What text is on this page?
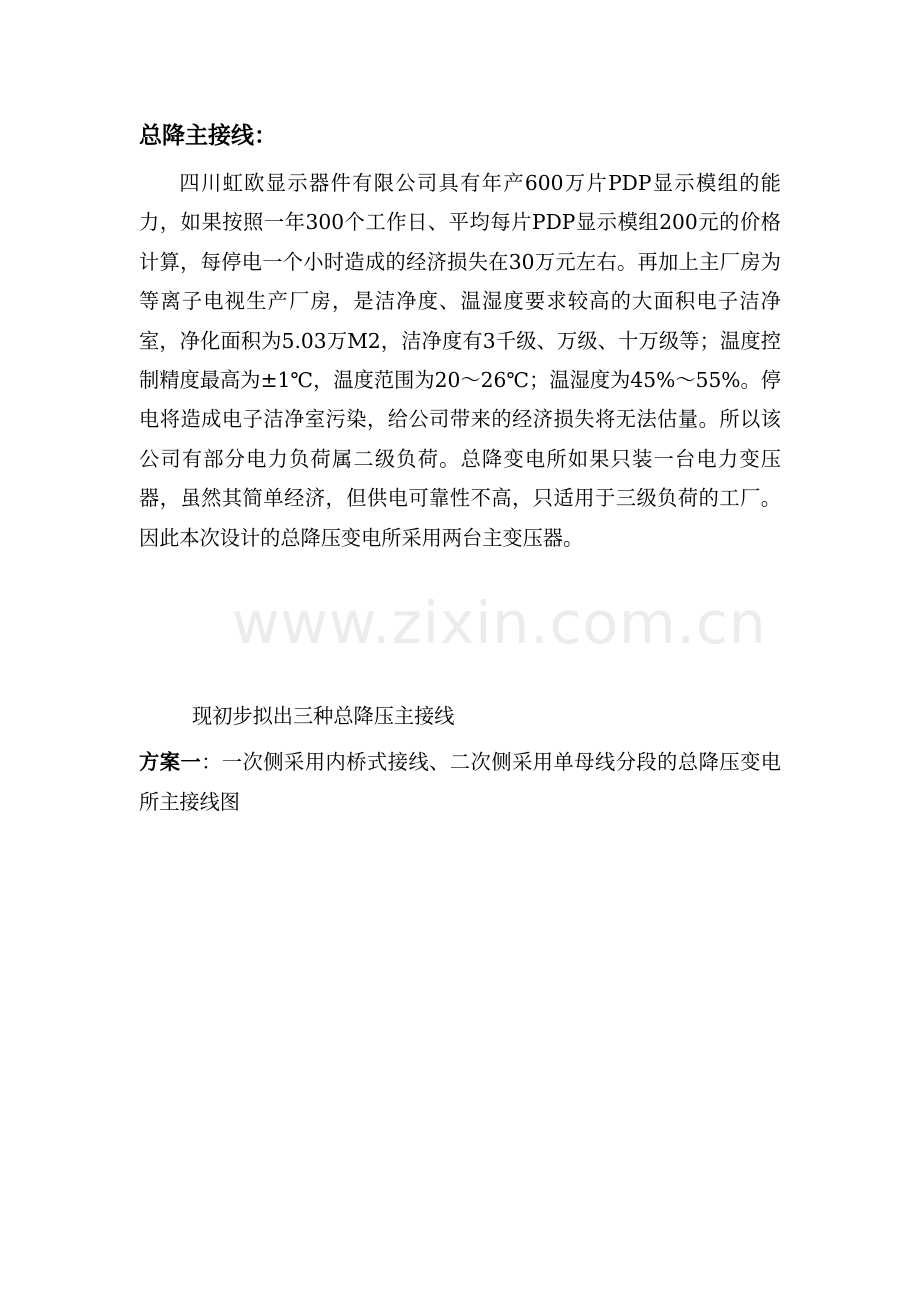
总降主接线：

四川虹欧显示器件有限公司具有年产600万片PDP显示模组的能力，如果按照一年300个工作日、平均每片PDP显示模组200元的价格计算，每停电一个小时造成的经济损失在30万元左右。再加上主厂房为等离子电视生产厂房，是洁净度、温湿度要求较高的大面积电子洁净室，净化面积为5.03万M2，洁净度有3千级、万级、十万级等；温度控制精度最高为±1℃，温度范围为20～26℃；温湿度为45%～55%。停电将造成电子洁净室污染，给公司带来的经济损失将无法估量。所以该公司有部分电力负荷属二级负荷。总降变电所如果只装一台电力变压器，虽然其简单经济，但供电可靠性不高，只适用于三级负荷的工厂。因此本次设计的总降压变电所采用两台主变压器。

现初步拟出三种总降压主接线

方案一：一次侧采用内桥式接线、二次侧采用单母线分段的总降压变电所主接线图

www.zixin.com.cn
